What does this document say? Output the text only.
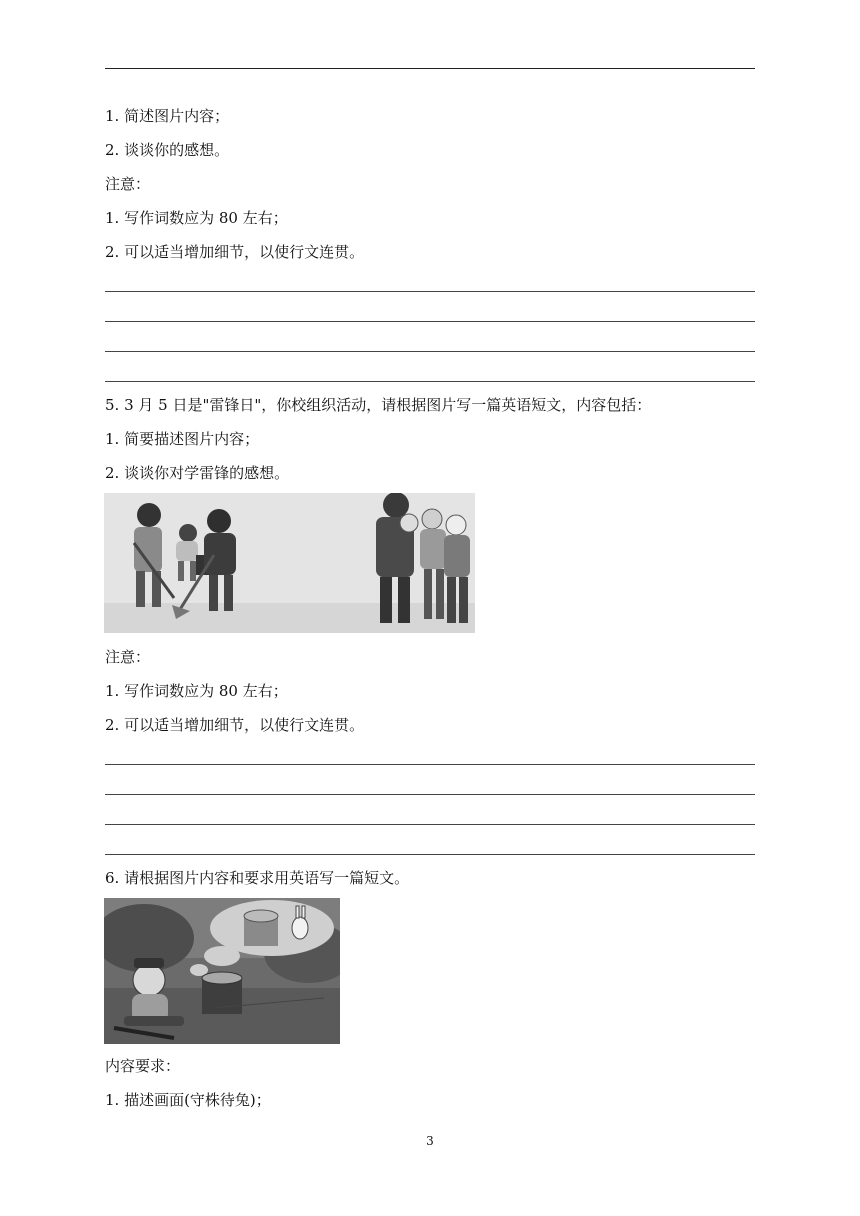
1. 简述图片内容；
2. 谈谈你的感想。
注意：
1. 写作词数应为 80 左右；
2. 可以适当增加细节，以使行文连贯。
5. 3 月 5 日是"雷锋日"，你校组织活动，请根据图片写一篇英语短文，内容包括：
1. 简要描述图片内容；
2. 谈谈你对学雷锋的感想。
注意：
1. 写作词数应为 80 左右；
2. 可以适当增加细节，以使行文连贯。
6. 请根据图片内容和要求用英语写一篇短文。
内容要求：
1. 描述画面(守株待兔)；
3
